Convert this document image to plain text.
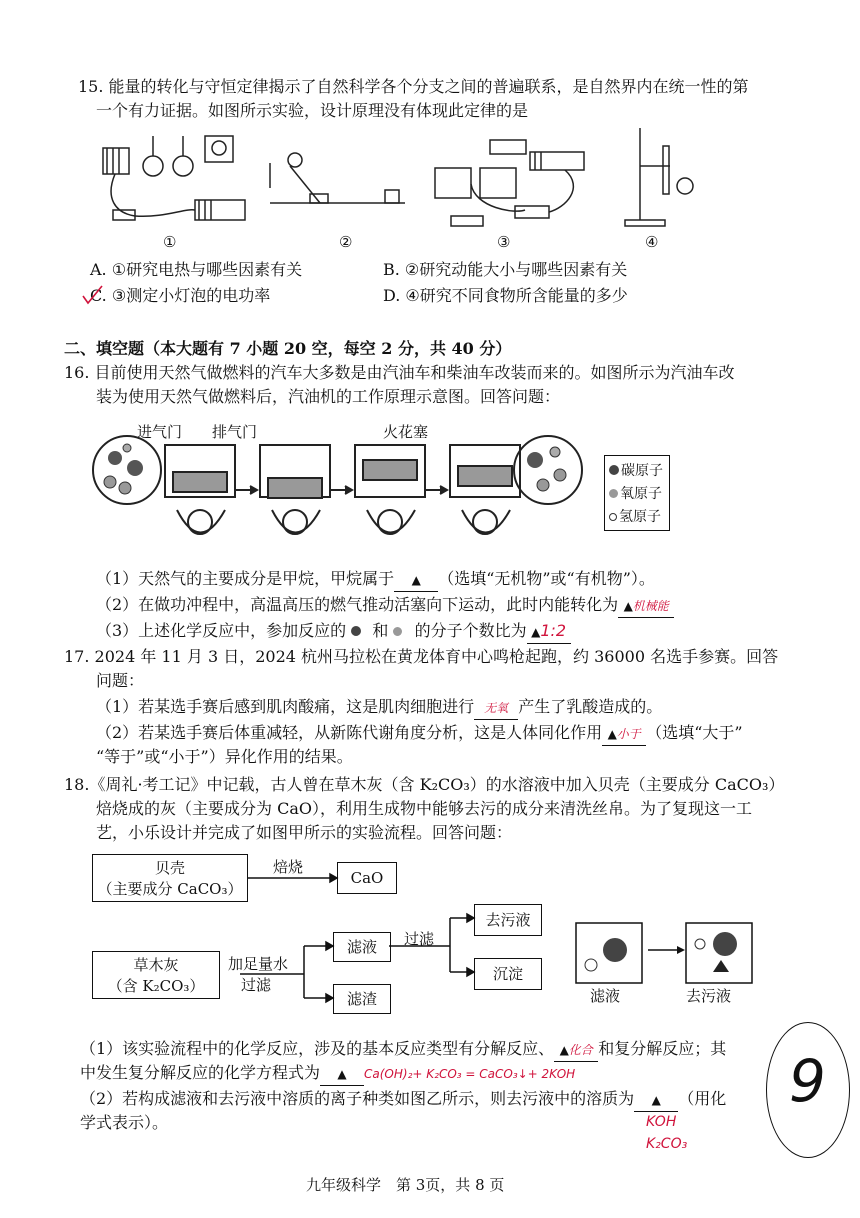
15. 能量的转化与守恒定律揭示了自然科学各个分支之间的普遍联系，是自然界内在统一性的第
一个有力证据。如图所示实验，设计原理没有体现此定律的是
①	②	③	④
A. ①研究电热与哪些因素有关	B. ②研究动能大小与哪些因素有关
C. ③测定小灯泡的电功率	D. ④研究不同食物所含能量的多少
二、填空题（本大题有 7 小题 20 空，每空 2 分，共 40 分）
16. 目前使用天然气做燃料的汽车大多数是由汽油车和柴油车改装而来的。如图所示为汽油车改
装为使用天然气做燃料后，汽油机的工作原理示意图。回答问题：
进气门 排气门	火花塞
碳原子
氧原子
氢原子
（1）天然气的主要成分是甲烷，甲烷属于 ▲ （选填“无机物”或“有机物”）。
（2）在做功冲程中，高温高压的燃气推动活塞向下运动，此时内能转化为 ▲机械能
（3）上述化学反应中，参加反应的 和 的分子个数比为 ▲1:2
17. 2024 年 11 月 3 日，2024 杭州马拉松在黄龙体育中心鸣枪起跑，约 36000 名选手参赛。回答
问题：
（1）若某选手赛后感到肌肉酸痛，这是肌肉细胞进行 无氧 产生了乳酸造成的。
（2）若某选手赛后体重减轻，从新陈代谢角度分析，这是人体同化作用 ▲小于 （选填“大于”
“等于”或“小于”）异化作用的结果。
18.《周礼·考工记》中记载，古人曾在草木灰（含 K₂CO₃）的水溶液中加入贝壳（主要成分 CaCO₃）
焙烧成的灰（主要成分为 CaO），利用生成物中能够去污的成分来清洗丝帛。为了复现这一工
艺，小乐设计并完成了如图甲所示的实验流程。回答问题：
贝壳
（主要成分 CaCO₃）
焙烧
CaO
草木灰
（含 K₂CO₃）
加足量水
过滤
滤液
滤渣
过滤
去污液
沉淀
滤液	去污液
（1）该实验流程中的化学反应，涉及的基本反应类型有分解反应、 ▲化合 和复分解反应；其
中发生复分解反应的化学方程式为 ▲ Ca(OH)₂+ K₂CO₃ = CaCO₃↓+ 2KOH
（2）若构成滤液和去污液中溶质的离子种类如图乙所示，则去污液中的溶质为 ▲ （用化
学式表示）。	KOH
K₂CO₃
9
九年级科学　第 3页，共 8 页
